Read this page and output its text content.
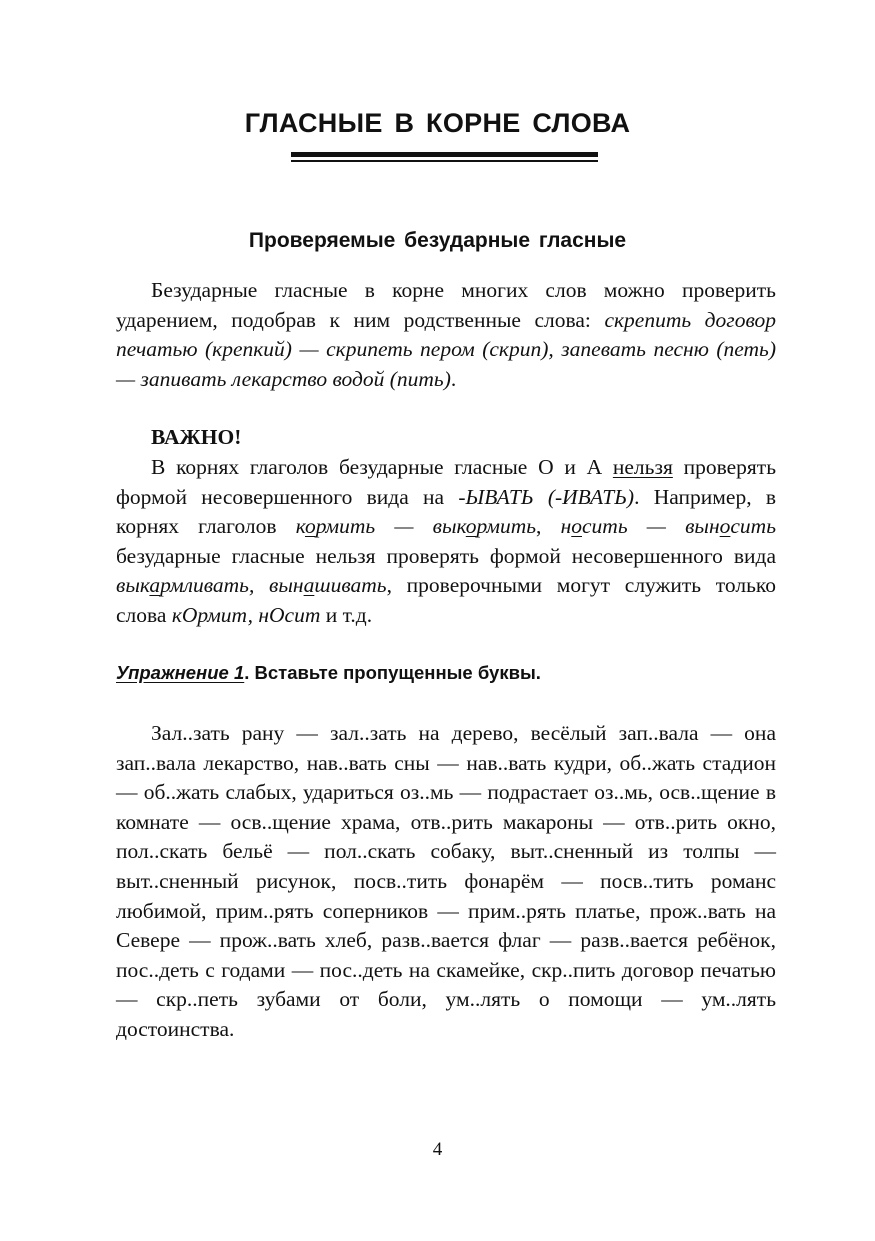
ГЛАСНЫЕ В КОРНЕ СЛОВА
Проверяемые безударные гласные

Безударные гласные в корне многих слов можно проверить ударением, подобрав к ним родственные слова: скрепить договор печатью (крепкий) — скрипеть пером (скрип), запевать песню (петь) — запивать лекарство водой (пить).

ВАЖНО!

В корнях глаголов безударные гласные О и А нельзя проверять формой несовершенного вида на -ЫВАТЬ (-ИВАТЬ). Например, в корнях глаголов кормить — выкормить, носить — выносить безударные гласные нельзя проверять формой несовершенного вида выкармливать, вынашивать, проверочными могут служить только слова кОрмит, нОсит и т.д.

Упражнение 1. Вставьте пропущенные буквы.

Зал..зать рану — зал..зать на дерево, весёлый зап..вала — она зап..вала лекарство, нав..вать сны — нав..вать кудри, об..жать стадион — об..жать слабых, удариться оз..мь — подрастает оз..мь, осв..щение в комнате — осв..щение храма, отв..рить макароны — отв..рить окно, пол..скать бельё — пол..скать собаку, выт..сненный из толпы — выт..сненный рисунок, посв..тить фонарём — посв..тить романс любимой, прим..рять соперников — прим..рять платье, прож..вать на Севере — прож..вать хлеб, разв..вается флаг — разв..вается ребёнок, пос..деть с годами — пос..деть на скамейке, скр..пить договор печатью — скр..петь зубами от боли, ум..лять о помощи — ум..лять достоинства.

4
